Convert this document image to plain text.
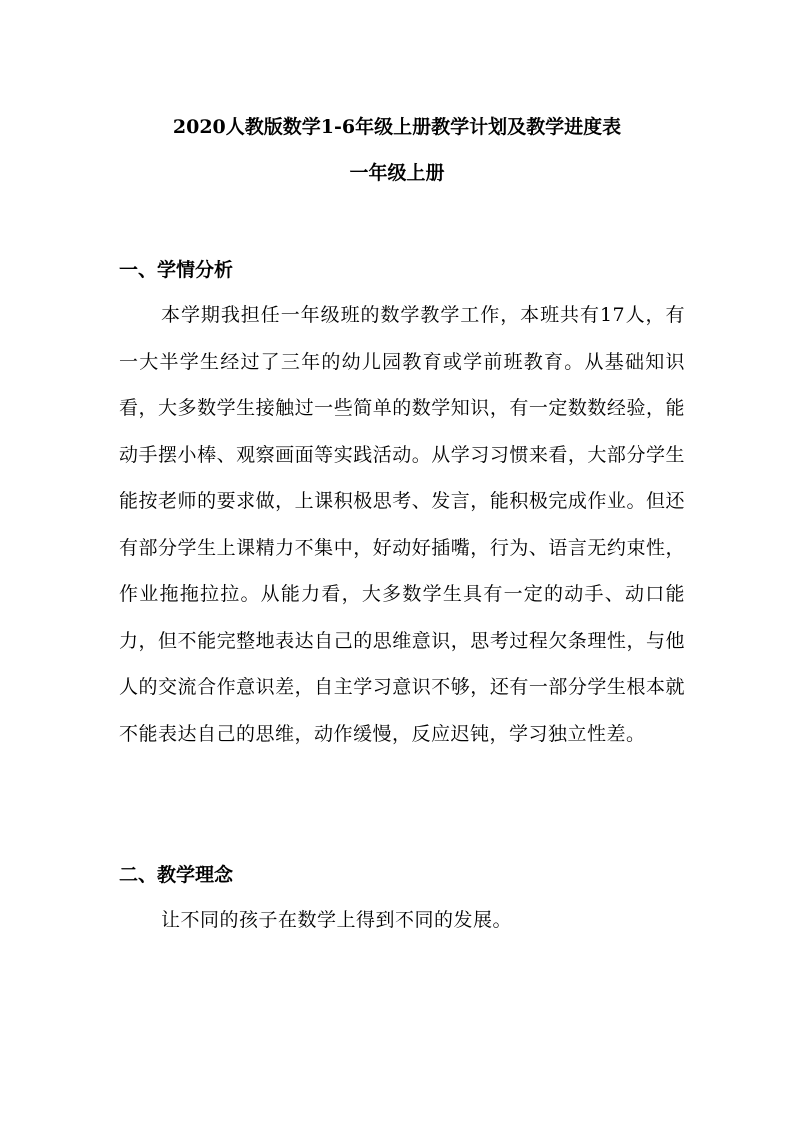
2020人教版数学1-6年级上册教学计划及教学进度表
一年级上册
一、学情分析

本学期我担任一年级班的数学教学工作，本班共有17人，有一大半学生经过了三年的幼儿园教育或学前班教育。从基础知识看，大多数学生接触过一些简单的数学知识，有一定数数经验，能动手摆小棒、观察画面等实践活动。从学习习惯来看，大部分学生能按老师的要求做，上课积极思考、发言，能积极完成作业。但还有部分学生上课精力不集中，好动好插嘴，行为、语言无约束性，作业拖拖拉拉。从能力看，大多数学生具有一定的动手、动口能力，但不能完整地表达自己的思维意识，思考过程欠条理性，与他人的交流合作意识差，自主学习意识不够，还有一部分学生根本就不能表达自己的思维，动作缓慢，反应迟钝，学习独立性差。

二、教学理念

让不同的孩子在数学上得到不同的发展。
